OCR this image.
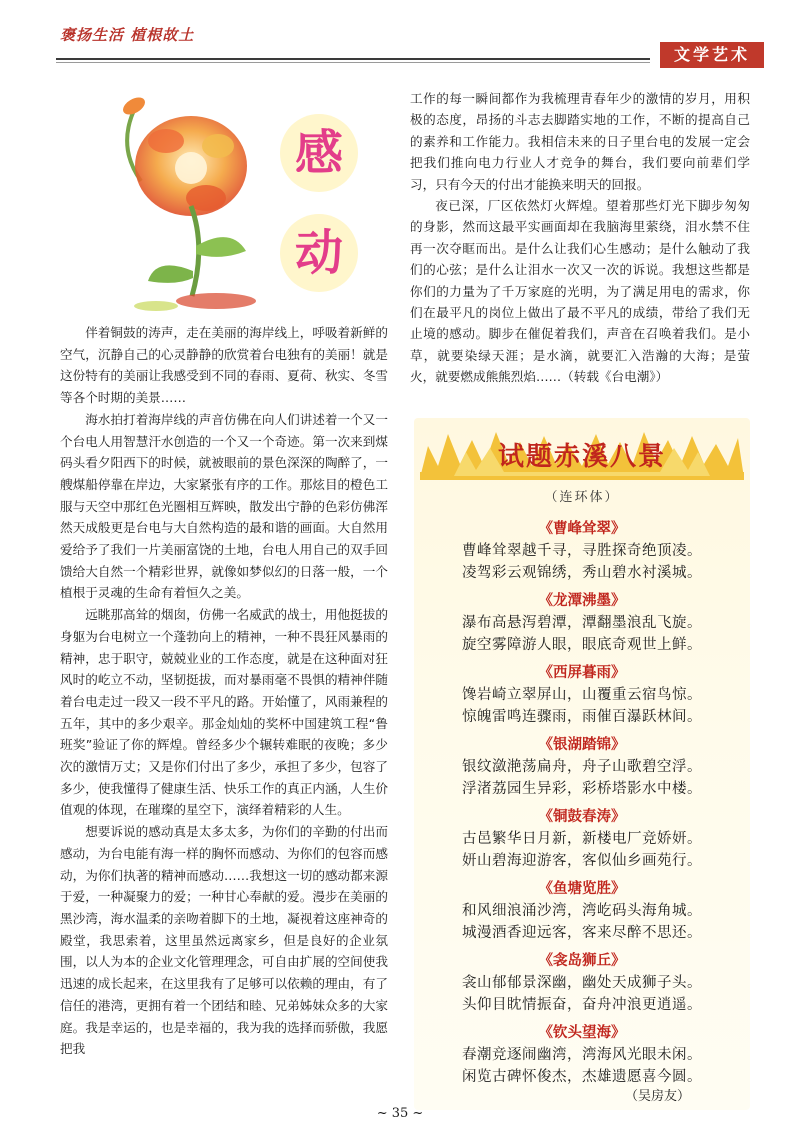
褒扬生活 植根故土
文学艺术
感
动

伴着铜鼓的涛声，走在美丽的海岸线上，呼吸着新鲜的空气，沉静自己的心灵静静的欣赏着台电独有的美丽！就是这份特有的美丽让我感受到不同的春雨、夏荷、秋实、冬雪等各个时期的美景……

海水拍打着海岸线的声音仿佛在向人们讲述着一个又一个台电人用智慧汗水创造的一个又一个奇迹。第一次来到煤码头看夕阳西下的时候，就被眼前的景色深深的陶醉了，一艘煤船停靠在岸边，大家紧张有序的工作。那炫目的橙色工服与天空中那红色光圈相互辉映，散发出宁静的色彩仿佛浑然天成般更是台电与大自然构造的最和谐的画面。大自然用爱给予了我们一片美丽富饶的土地，台电人用自己的双手回馈给大自然一个精彩世界，就像如梦似幻的日落一般，一个植根于灵魂的生命有着恒久之美。

远眺那高耸的烟囱，仿佛一名威武的战士，用他挺拔的身躯为台电树立一个蓬勃向上的精神，一种不畏狂风暴雨的精神，忠于职守，兢兢业业的工作态度，就是在这种面对狂风时的屹立不动，坚韧挺拔，而对暴雨毫不畏惧的精神伴随着台电走过一段又一段不平凡的路。开始懂了，风雨兼程的五年，其中的多少艰辛。那金灿灿的奖杯中国建筑工程“鲁班奖”验证了你的辉煌。曾经多少个辗转难眠的夜晚；多少次的激情万丈；又是你们付出了多少，承担了多少，包容了多少，使我懂得了健康生活、快乐工作的真正内涵，人生价值观的体现，在璀璨的星空下，演绎着精彩的人生。

想要诉说的感动真是太多太多，为你们的辛勤的付出而感动，为台电能有海一样的胸怀而感动、为你们的包容而感动，为你们执著的精神而感动……我想这一切的感动都来源于爱，一种凝聚力的爱；一种甘心奉献的爱。漫步在美丽的黑沙湾，海水温柔的亲吻着脚下的土地，凝视着这座神奇的殿堂，我思索着，这里虽然远离家乡，但是良好的企业氛围，以人为本的企业文化管理理念，可自由扩展的空间使我迅速的成长起来，在这里我有了足够可以依赖的理由，有了信任的港湾，更拥有着一个团结和睦、兄弟姊妹众多的大家庭。我是幸运的，也是幸福的，我为我的选择而骄傲，我愿把我

工作的每一瞬间都作为我梳理青春年少的激情的岁月，用积极的态度，昂扬的斗志去脚踏实地的工作，不断的提高自己的素养和工作能力。我相信未来的日子里台电的发展一定会把我们推向电力行业人才竞争的舞台，我们要向前辈们学习，只有今天的付出才能换来明天的回报。

夜已深，厂区依然灯火辉煌。望着那些灯光下脚步匆匆的身影，然而这最平实画面却在我脑海里萦绕，泪水禁不住再一次夺眶而出。是什么让我们心生感动；是什么触动了我们的心弦；是什么让泪水一次又一次的诉说。我想这些都是你们的力量为了千万家庭的光明，为了满足用电的需求，你们在最平凡的岗位上做出了最不平凡的成绩，带给了我们无止境的感动。脚步在催促着我们，声音在召唤着我们。是小草，就要染绿天涯；是水滴，就要汇入浩瀚的大海；是萤火，就要燃成熊熊烈焰……（转载《台电潮》）

试题赤溪八景
（连环体）
《曹峰耸翠》
曹峰耸翠越千寻，寻胜探奇绝顶凌。
凌驾彩云观锦绣，秀山碧水衬溪城。
《龙潭沸墨》
瀑布高悬泻碧潭，潭翻墨浪乱飞旋。
旋空雾障游人眼，眼底奇观世上鲜。
《西屏暮雨》
馋岩崎立翠屏山，山覆重云宿鸟惊。
惊魄雷鸣连骤雨，雨催百瀑跃林间。
《银湖踏锦》
银纹潋滟荡扁舟，舟子山歌碧空浮。
浮渚荔园生异彩，彩桥塔影水中楼。
《铜鼓春涛》
古邑繁华日月新，新楼电厂竞娇妍。
妍山碧海迎游客，客似仙乡画苑行。
《鱼塘览胜》
和风细浪涌沙湾，湾屹码头海角城。
城漫酒香迎远客，客来尽醉不思还。
《衾岛狮丘》
衾山郁郁景深幽，幽处天成狮子头。
头仰目眈情振奋，奋舟冲浪更逍遥。
《钦头望海》
春潮竞逐闹幽湾，湾海风光眼未闲。
闲览古碑怀俊杰，杰雄遗愿喜今圆。
（吴房友）
~ 35 ~
